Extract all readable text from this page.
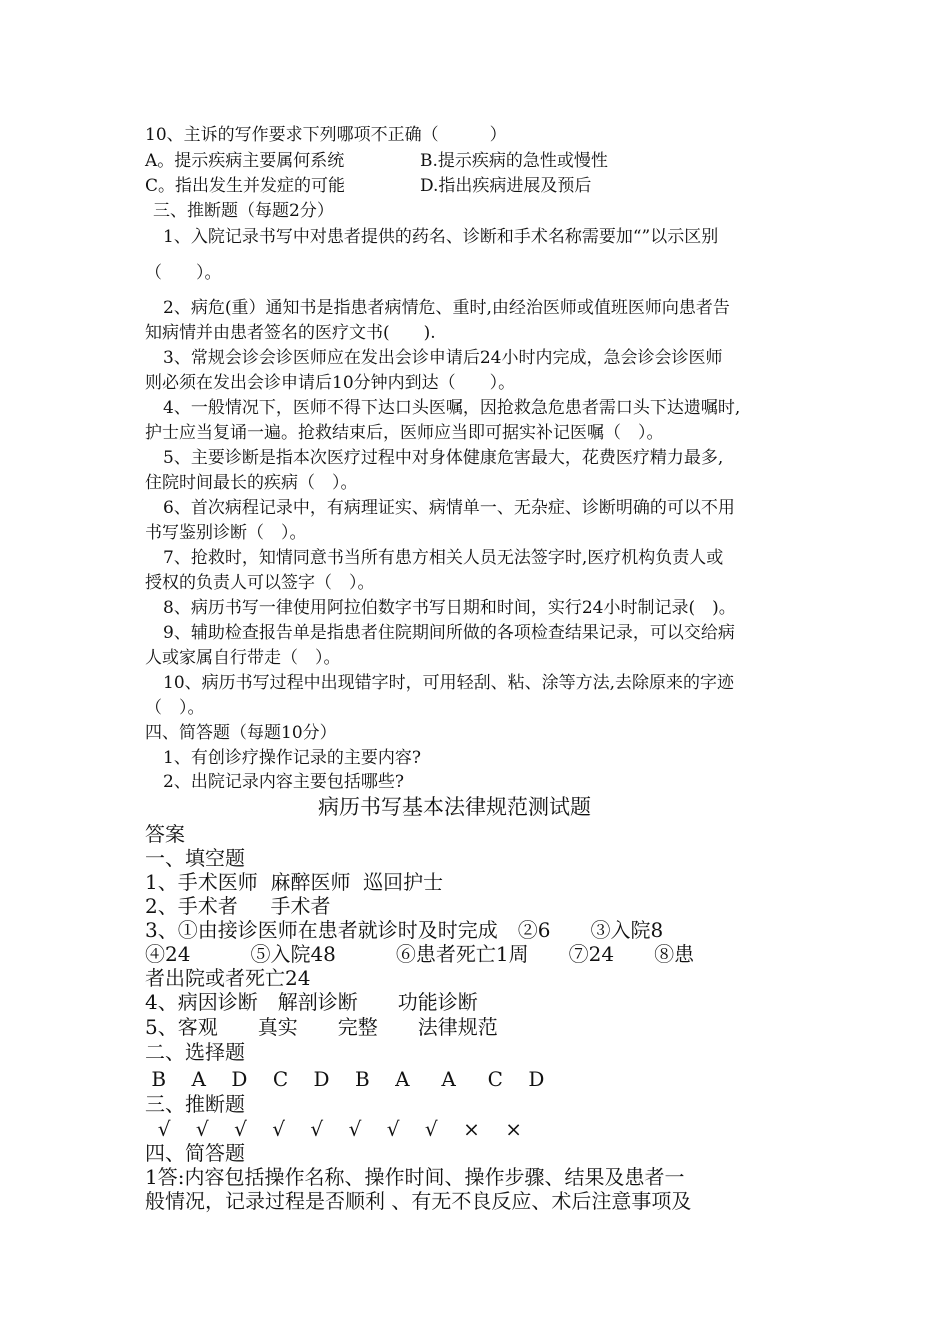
10、主诉的写作要求下列哪项不正确（　　　）
A。提示疾病主要属何系统	B.提示疾病的急性或慢性
C。指出发生并发症的可能	D.指出疾病进展及预后
三、推断题（每题2分）
1、入院记录书写中对患者提供的药名、诊断和手术名称需要加“”以示区别
（　　）。
2、病危(重）通知书是指患者病情危、重时,由经治医师或值班医师向患者告
知病情并由患者签名的医疗文书(　　).
3、常规会诊会诊医师应在发出会诊申请后24小时内完成，急会诊会诊医师
则必须在发出会诊申请后10分钟内到达（　　）。
4、一般情况下，医师不得下达口头医嘱，因抢救急危患者需口头下达遗嘱时,
护士应当复诵一遍。抢救结束后，医师应当即可据实补记医嘱（　）。
5、主要诊断是指本次医疗过程中对身体健康危害最大，花费医疗精力最多,
住院时间最长的疾病（　）。
6、首次病程记录中，有病理证实、病情单一、无杂症、诊断明确的可以不用
书写鉴别诊断（　）。
7、抢救时，知情同意书当所有患方相关人员无法签字时,医疗机构负责人或
授权的负责人可以签字（　）。
8、病历书写一律使用阿拉伯数字书写日期和时间，实行24小时制记录(　)。
9、辅助检查报告单是指患者住院期间所做的各项检查结果记录，可以交给病
人或家属自行带走（　）。
10、病历书写过程中出现错字时，可用轻刮、粘、涂等方法,去除原来的字迹
（　）。
四、简答题（每题10分）
1、有创诊疗操作记录的主要内容?
2、出院记录内容主要包括哪些?
病历书写基本法律规范测试题
答案
一、填空题
1、手术医师  麻醉医师  巡回护士
2、手术者　  手术者
3、①由接诊医师在患者就诊时及时完成　②6　　③入院8
④24　　　⑤入院48　　　⑥患者死亡1周　　⑦24　　⑧患
者出院或者死亡24
4、病因诊断　解剖诊断　　功能诊断
5、客观　　真实　　完整　　法律规范
二、选择题
B    A    D    C    D    B    A     A     C    D
三、推断题
√    √    √    √    √    √    √    √    ×    ×
四、简答题
1答:内容包括操作名称、操作时间、操作步骤、结果及患者一
般情况，记录过程是否顺利 、有无不良反应、术后注意事项及
